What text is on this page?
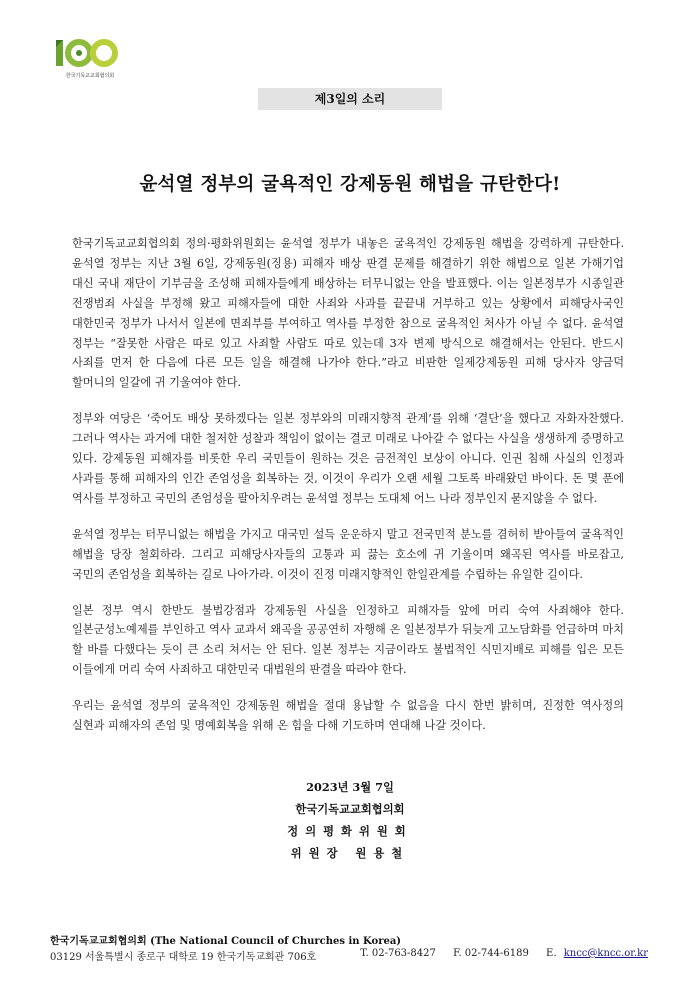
한국기독교교회협의회
제3일의 소리
윤석열 정부의 굴욕적인 강제동원 해법을 규탄한다!

한국기독교교회협의회 정의·평화위원회는 윤석열 정부가 내놓은 굴욕적인 강제동원 해법을 강력하게 규탄한다. 윤석열 정부는 지난 3월 6일, 강제동원(징용) 피해자 배상 판결 문제를 해결하기 위한 해법으로 일본 가해기업 대신 국내 재단이 기부금을 조성해 피해자들에게 배상하는 터무니없는 안을 발표했다. 이는 일본정부가 시종일관 전쟁범죄 사실을 부정해 왔고 피해자들에 대한 사죄와 사과를 끝끝내 거부하고 있는 상황에서 피해당사국인 대한민국 정부가 나서서 일본에 면죄부를 부여하고 역사를 부정한 참으로 굴욕적인 처사가 아닐 수 없다. 윤석열 정부는 “잘못한 사람은 따로 있고 사죄할 사람도 따로 있는데 3자 변제 방식으로 해결해서는 안된다. 반드시 사죄를 먼저 한 다음에 다른 모든 일을 해결해 나가야 한다.”라고 비판한 일제강제동원 피해 당사자 양금덕 할머니의 일갈에 귀 기울여야 한다.

정부와 여당은 ‘죽어도 배상 못하겠다는 일본 정부와의 미래지향적 관계’를 위해 ‘결단’을 했다고 자화자찬했다. 그러나 역사는 과거에 대한 철저한 성찰과 책임이 없이는 결코 미래로 나아갈 수 없다는 사실을 생생하게 증명하고 있다. 강제동원 피해자를 비롯한 우리 국민들이 원하는 것은 금전적인 보상이 아니다. 인권 침해 사실의 인정과 사과를 통해 피해자의 인간 존엄성을 회복하는 것, 이것이 우리가 오랜 세월 그토록 바래왔던 바이다. 돈 몇 푼에 역사를 부정하고 국민의 존엄성을 팔아치우려는 윤석열 정부는 도대체 어느 나라 정부인지 묻지않을 수 없다.

윤석열 정부는 터무니없는 해법을 가지고 대국민 설득 운운하지 말고 전국민적 분노를 겸허히 받아들여 굴욕적인 해법을 당장 철회하라. 그리고 피해당사자들의 고통과 피 끓는 호소에 귀 기울이며 왜곡된 역사를 바로잡고, 국민의 존엄성을 회복하는 길로 나아가라. 이것이 진정 미래지향적인 한일관계를 수립하는 유일한 길이다.

일본 정부 역시 한반도 불법강점과 강제동원 사실을 인정하고 피해자들 앞에 머리 숙여 사죄해야 한다. 일본군성노예제를 부인하고 역사 교과서 왜곡을 공공연히 자행해 온 일본정부가 뒤늦게 고노담화를 언급하며 마치 할 바를 다했다는 듯이 큰 소리 쳐서는 안 된다. 일본 정부는 지금이라도 불법적인 식민지배로 피해를 입은 모든 이들에게 머리 숙여 사죄하고 대한민국 대법원의 판결을 따라야 한다.

우리는 윤석열 정부의 굴욕적인 강제동원 해법을 절대 용납할 수 없음을 다시 한번 밝히며, 진정한 역사정의 실현과 피해자의 존엄 및 명예회복을 위해 온 힘을 다해 기도하며 연대해 나갈 것이다.

2023년 3월 7일
한국기독교교회협의회
정의평화위원회
위원장 원용철
한국기독교교회협의회 (The National Council of Churches in Korea)
03129 서울특별시 종로구 대학로 19 한국기독교회관 706호	T. 02-763-8427 F. 02-744-6189 E. kncc@kncc.or.kr
